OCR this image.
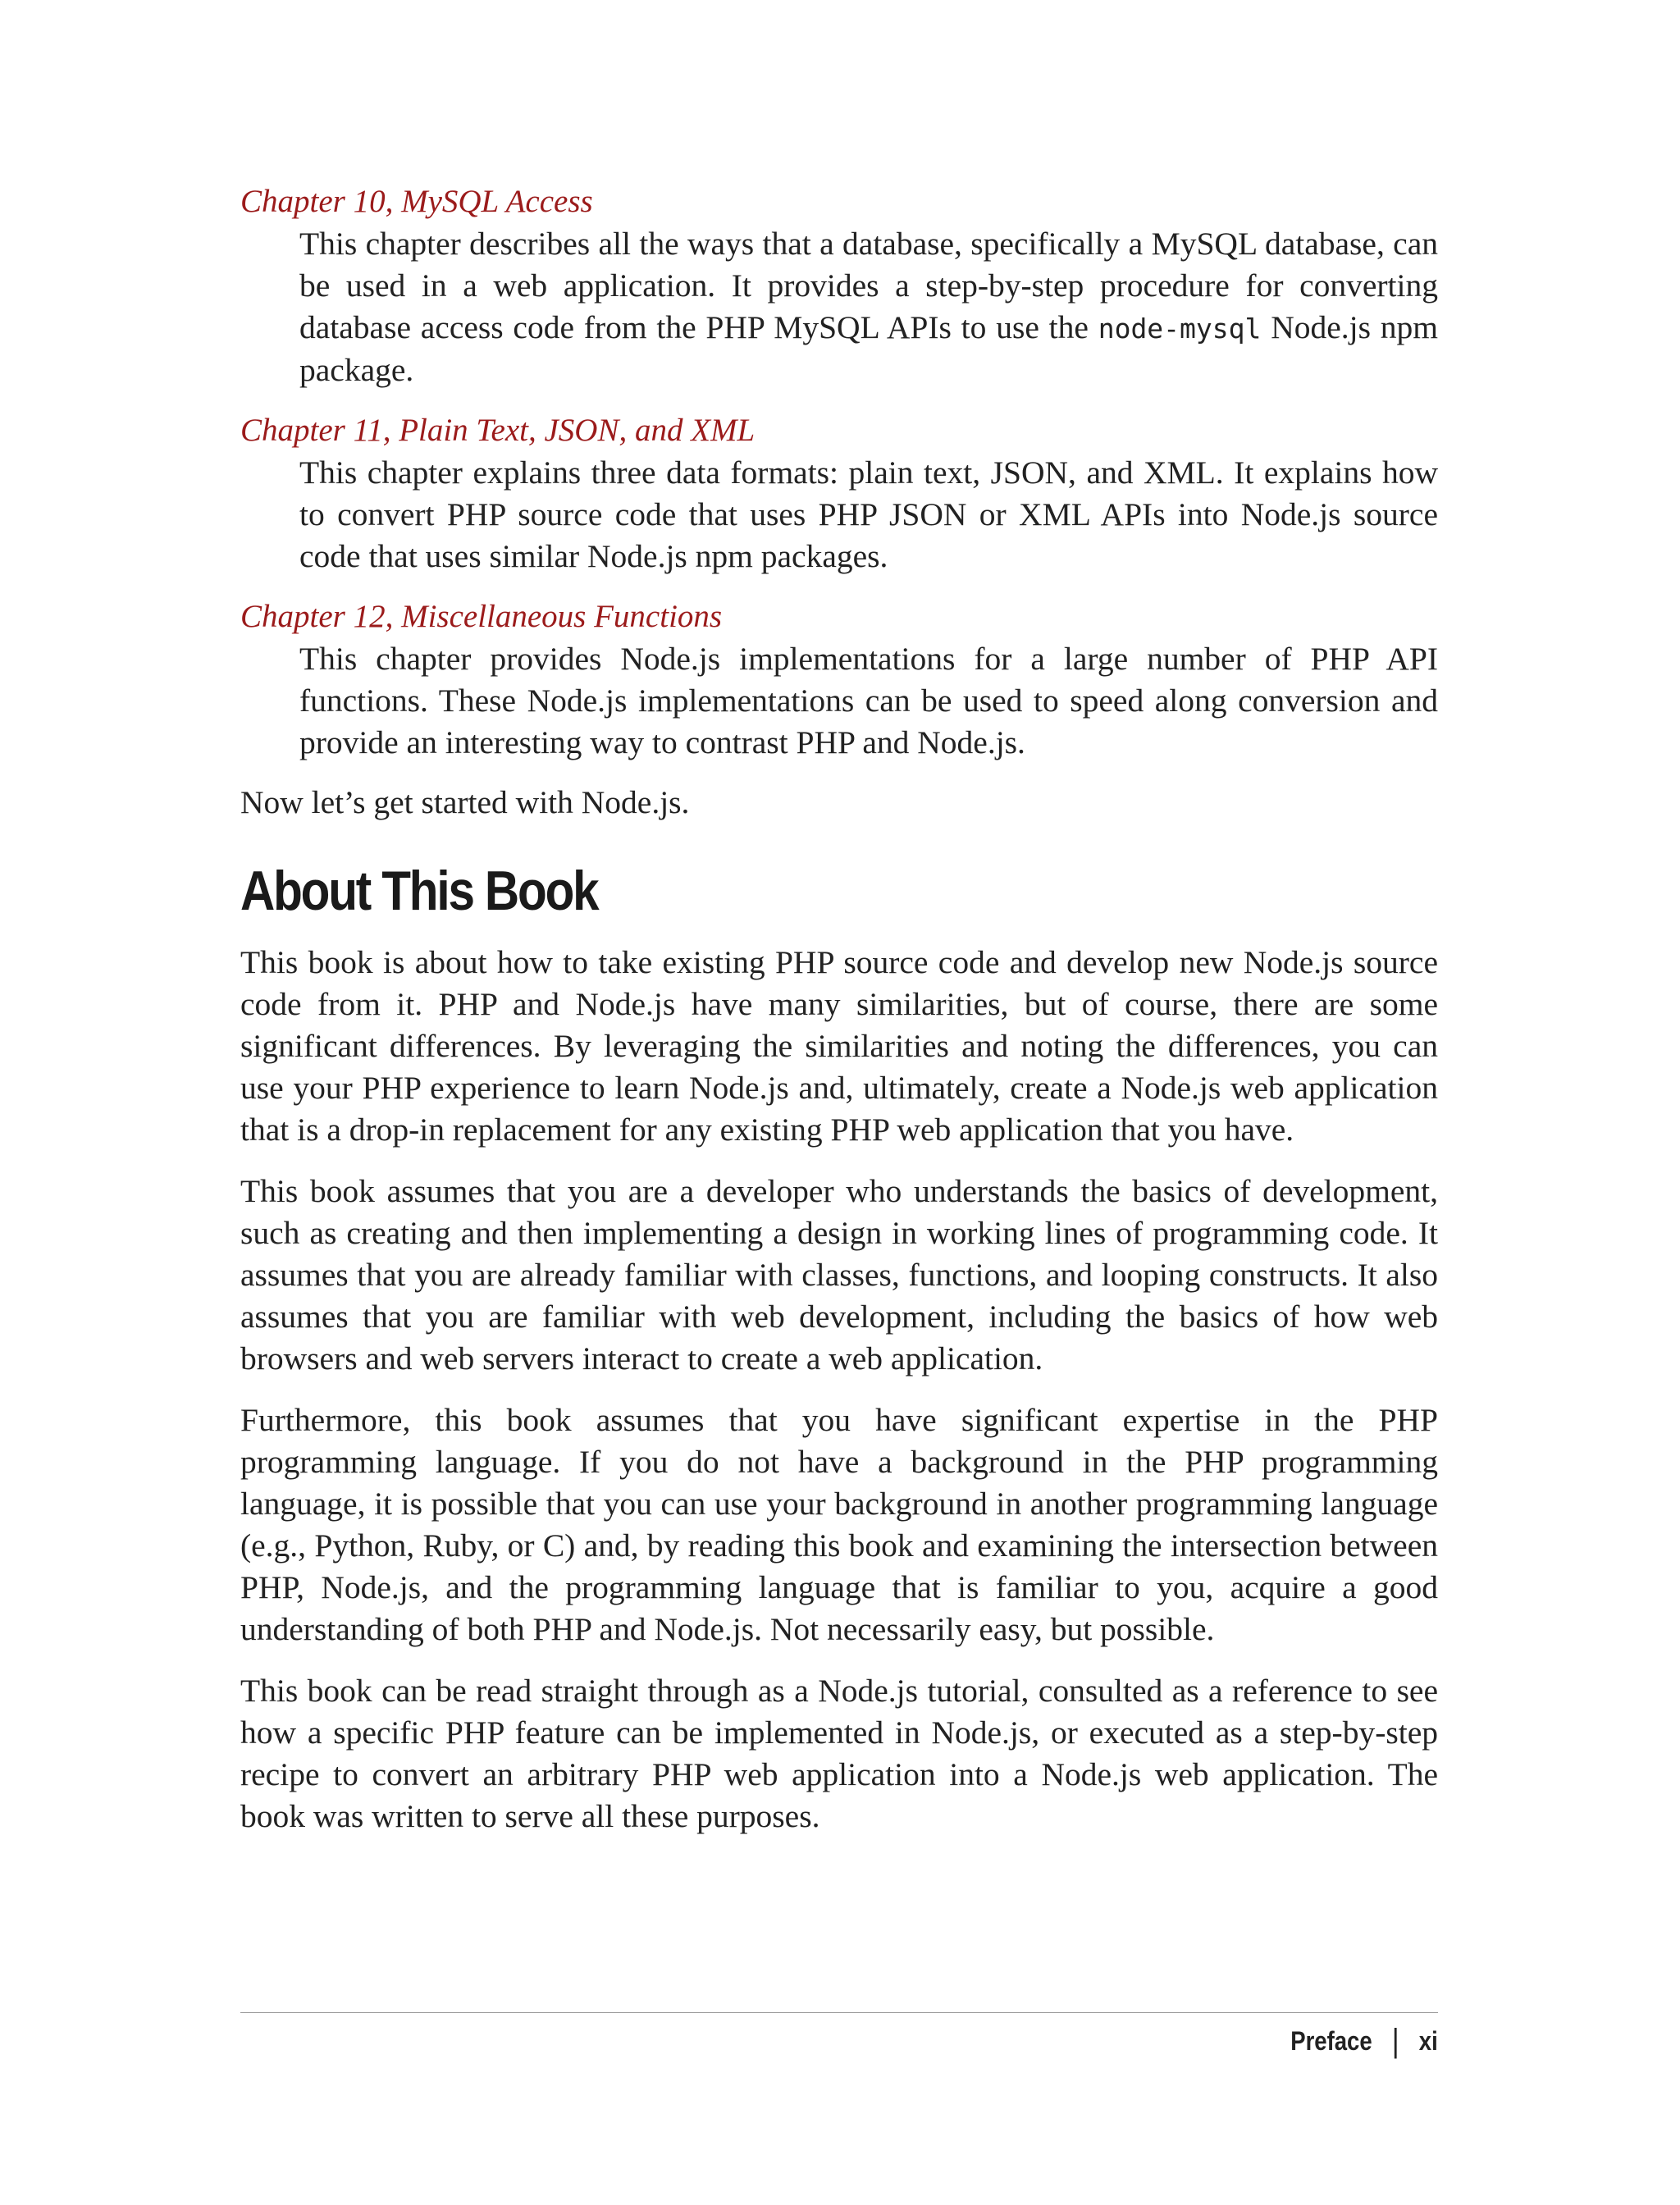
Chapter 10, MySQL Access

This chapter describes all the ways that a database, specifically a MySQL database, can be used in a web application. It provides a step-by-step procedure for converting database access code from the PHP MySQL APIs to use the node-mysql Node.js npm package.

Chapter 11, Plain Text, JSON, and XML

This chapter explains three data formats: plain text, JSON, and XML. It explains how to convert PHP source code that uses PHP JSON or XML APIs into Node.js source code that uses similar Node.js npm packages.

Chapter 12, Miscellaneous Functions

This chapter provides Node.js implementations for a large number of PHP API functions. These Node.js implementations can be used to speed along conversion and provide an interesting way to contrast PHP and Node.js.

Now let’s get started with Node.js.

About This Book

This book is about how to take existing PHP source code and develop new Node.js source code from it. PHP and Node.js have many similarities, but of course, there are some significant differences. By leveraging the similarities and noting the differences, you can use your PHP experience to learn Node.js and, ultimately, create a Node.js web application that is a drop-in replacement for any existing PHP web application that you have.

This book assumes that you are a developer who understands the basics of development, such as creating and then implementing a design in working lines of programming code. It assumes that you are already familiar with classes, functions, and looping constructs. It also assumes that you are familiar with web development, including the basics of how web browsers and web servers interact to create a web application.

Furthermore, this book assumes that you have significant expertise in the PHP programming language. If you do not have a background in the PHP programming language, it is possible that you can use your background in another programming language (e.g., Python, Ruby, or C) and, by reading this book and examining the intersection between PHP, Node.js, and the programming language that is familiar to you, acquire a good understanding of both PHP and Node.js. Not necessarily easy, but possible.

This book can be read straight through as a Node.js tutorial, consulted as a reference to see how a specific PHP feature can be implemented in Node.js, or executed as a step-by-step recipe to convert an arbitrary PHP web application into a Node.js web application. The book was written to serve all these purposes.

Preface | xi
